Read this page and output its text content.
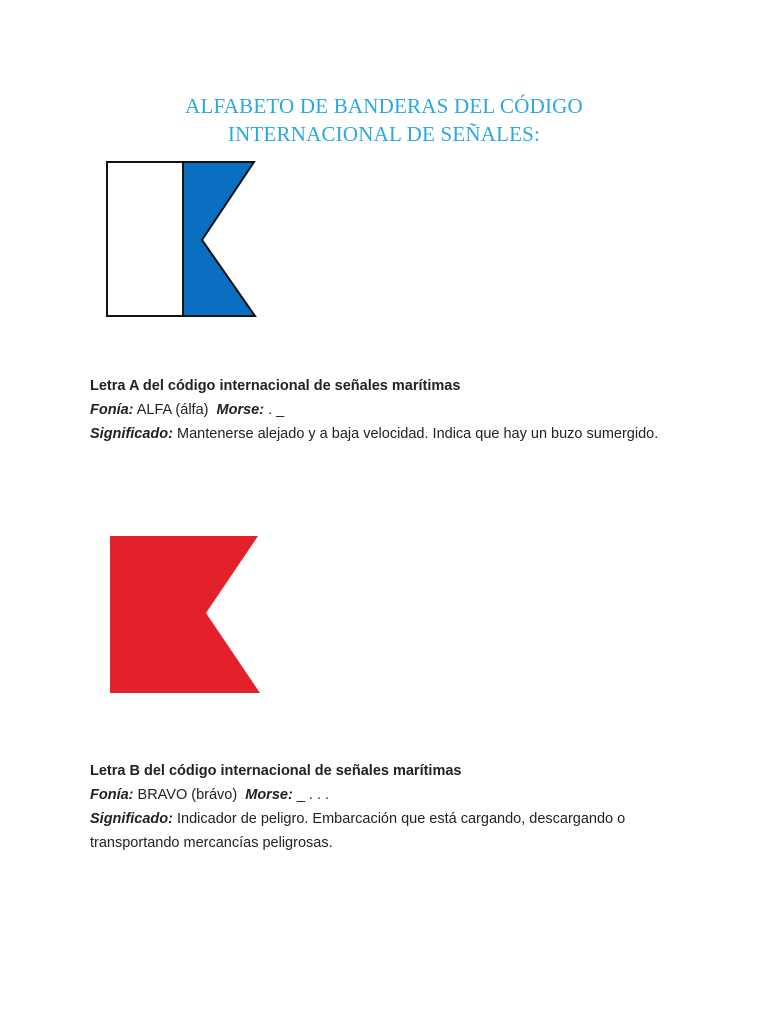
ALFABETO DE BANDERAS DEL CÓDIGO
INTERNACIONAL DE SEÑALES:
Letra A del código internacional de señales marítimas
Fonía: ALFA (álfa) Morse: . _
Significado: Mantenerse alejado y a baja velocidad. Indica que hay un buzo sumergido.
Letra B del código internacional de señales marítimas
Fonía: BRAVO (brávo) Morse: _ . . .
Significado: Indicador de peligro. Embarcación que está cargando, descargando o
transportando mercancías peligrosas.
